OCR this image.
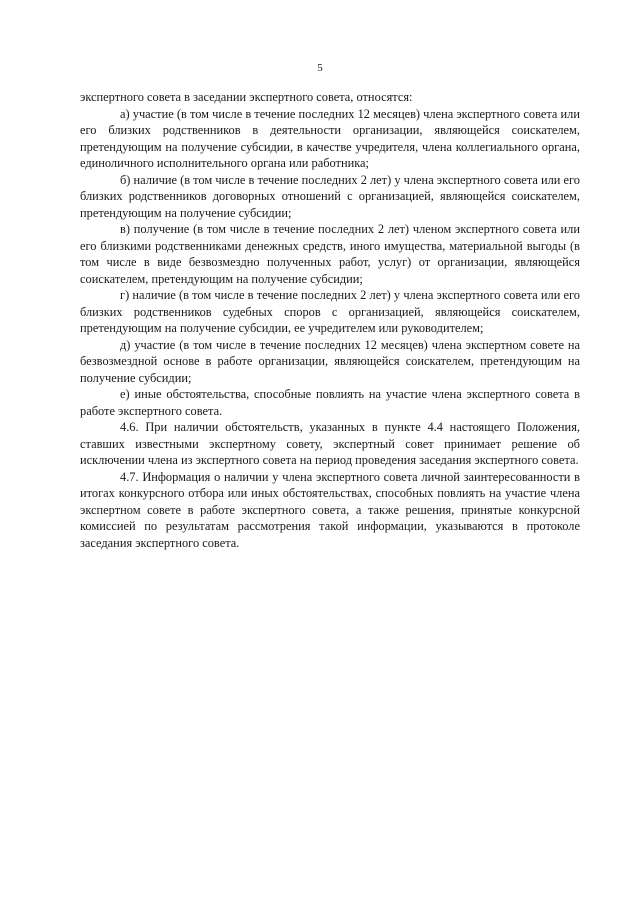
5

экспертного совета в заседании экспертного совета, относятся:

а) участие (в том числе в течение последних 12 месяцев) члена экспертного совета или его близких родственников в деятельности организации, являющейся соискателем, претендующим на получение субсидии, в качестве учредителя, члена коллегиального органа, единоличного исполнительного органа или работника;

б) наличие (в том числе в течение последних 2 лет) у члена экспертного совета или его близких родственников договорных отношений с организацией, являющейся соискателем, претендующим на получение субсидии;

в) получение (в том числе в течение последних 2 лет) членом экспертного совета или его близкими родственниками денежных средств, иного имущества, материальной выгоды (в том числе в виде безвозмездно полученных работ, услуг) от организации, являющейся соискателем, претендующим на получение субсидии;

г) наличие (в том числе в течение последних 2 лет) у члена экспертного совета или его близких родственников судебных споров с организацией, являющейся соискателем, претендующим на получение субсидии, ее учредителем или руководителем;

д) участие (в том числе в течение последних 12 месяцев) члена экспертном совете на безвозмездной основе в работе организации, являющейся соискателем, претендующим на получение субсидии;

е) иные обстоятельства, способные повлиять на участие члена экспертного совета в работе экспертного совета.

4.6. При наличии обстоятельств, указанных в пункте 4.4 настоящего Положения, ставших известными экспертному совету, экспертный совет принимает решение об исключении члена из экспертного совета на период проведения заседания экспертного совета.

4.7. Информация о наличии у члена экспертного совета личной заинтересованности в итогах конкурсного отбора или иных обстоятельствах, способных повлиять на участие члена экспертном совете в работе экспертного совета, а также решения, принятые конкурсной комиссией по результатам рассмотрения такой информации, указываются в протоколе заседания экспертного совета.
